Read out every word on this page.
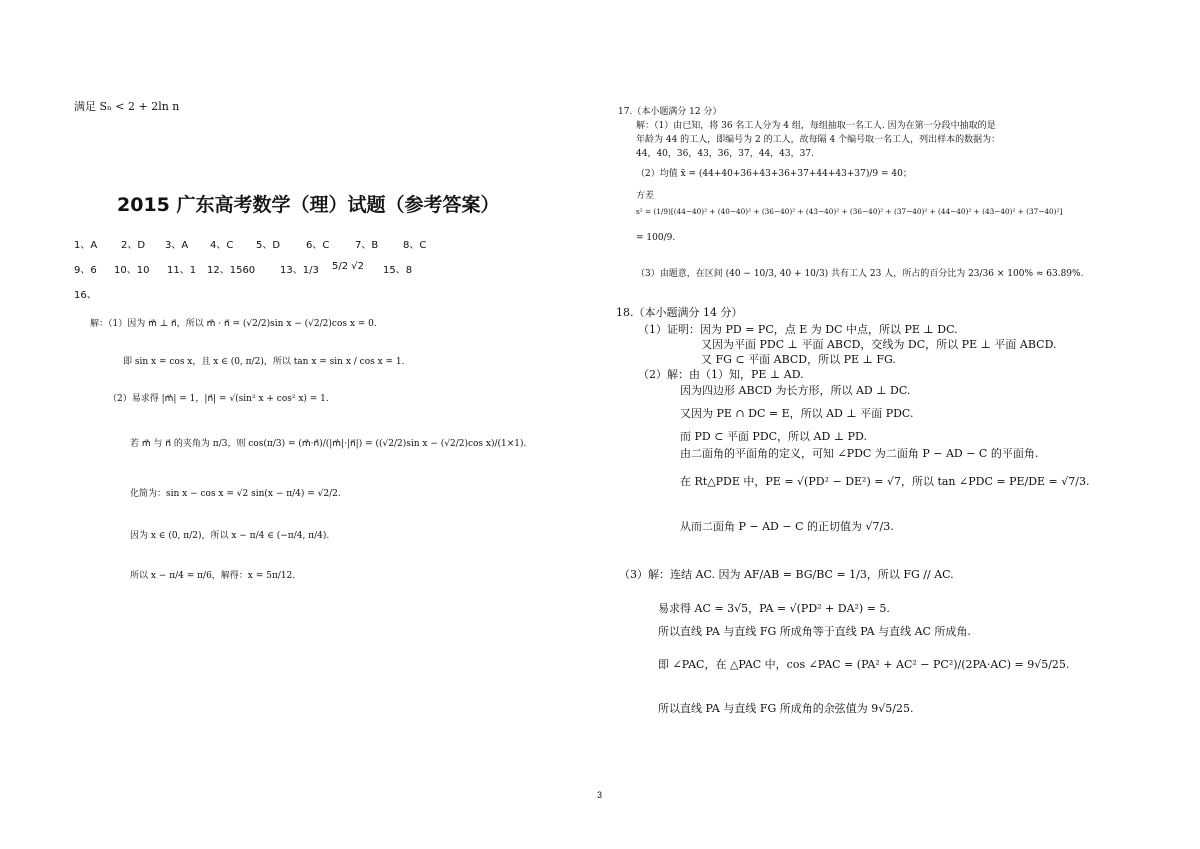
满足 Sₙ < 2 + 2ln n
2015 广东高考数学（理）试题（参考答案）
1、A 2、D 3、A 4、C 5、D	6、C	7、B 8、C
9、6 10、10 11、1 12、1560 13、1/3 5/2 √2 15、8
16、
解：（1）因为 m⃗ ⊥ n⃗，所以 m⃗ · n⃗ = (√2/2)sin x − (√2/2)cos x = 0.
即 sin x = cos x，且 x ∈ (0, π/2)，所以 tan x = sin x / cos x = 1.
（2）易求得 |m⃗| = 1，|n⃗| = √(sin² x + cos² x) = 1.
若 m⃗ 与 n⃗ 的夹角为 π/3，则 cos(π/3) = (m⃗·n⃗)/(|m⃗|·|n⃗|) = ((√2/2)sin x − (√2/2)cos x)/(1×1).
化简为：sin x − cos x = √2 sin(x − π/4) = √2/2.
因为 x ∈ (0, π/2)，所以 x − π/4 ∈ (−π/4, π/4).
所以 x − π/4 = π/6，解得：x = 5π/12.
17.（本小题满分 12 分）
解：（1）由已知，将 36 名工人分为 4 组，每组抽取一名工人. 因为在第一分段中抽取的是
年龄为 44 的工人，即编号为 2 的工人，故每隔 4 个编号取一名工人，列出样本的数据为：
44，40，36，43，36，37，44，43，37.
（2）均值 x̄ = (44+40+36+43+36+37+44+43+37)/9 = 40；
方差
s² = (1/9)[(44−40)² + (40−40)² + (36−40)² + (43−40)² + (36−40)² + (37−40)² + (44−40)² + (43−40)² + (37−40)²]
= 100/9.
（3）由题意，在区间 (40 − 10/3, 40 + 10/3) 共有工人 23 人，所占的百分比为 23/36 × 100% ≈ 63.89%.
18.（本小题满分 14 分）
（1）证明：因为 PD = PC，点 E 为 DC 中点，所以 PE ⊥ DC.
又因为平面 PDC ⊥ 平面 ABCD，交线为 DC，所以 PE ⊥ 平面 ABCD.
又 FG ⊂ 平面 ABCD，所以 PE ⊥ FG.
（2）解：由（1）知，PE ⊥ AD.
因为四边形 ABCD 为长方形，所以 AD ⊥ DC.
又因为 PE ∩ DC = E，所以 AD ⊥ 平面 PDC.
而 PD ⊂ 平面 PDC，所以 AD ⊥ PD.
由二面角的平面角的定义，可知 ∠PDC 为二面角 P − AD − C 的平面角.
在 Rt△PDE 中，PE = √(PD² − DE²) = √7，所以 tan ∠PDC = PE/DE = √7/3.
从而二面角 P − AD − C 的正切值为 √7/3.
（3）解：连结 AC. 因为 AF/AB = BG/BC = 1/3，所以 FG // AC.
易求得 AC = 3√5，PA = √(PD² + DA²) = 5.
所以直线 PA 与直线 FG 所成角等于直线 PA 与直线 AC 所成角.
即 ∠PAC，在 △PAC 中，cos ∠PAC = (PA² + AC² − PC²)/(2PA·AC) = 9√5/25.
所以直线 PA 与直线 FG 所成角的余弦值为 9√5/25.
3
